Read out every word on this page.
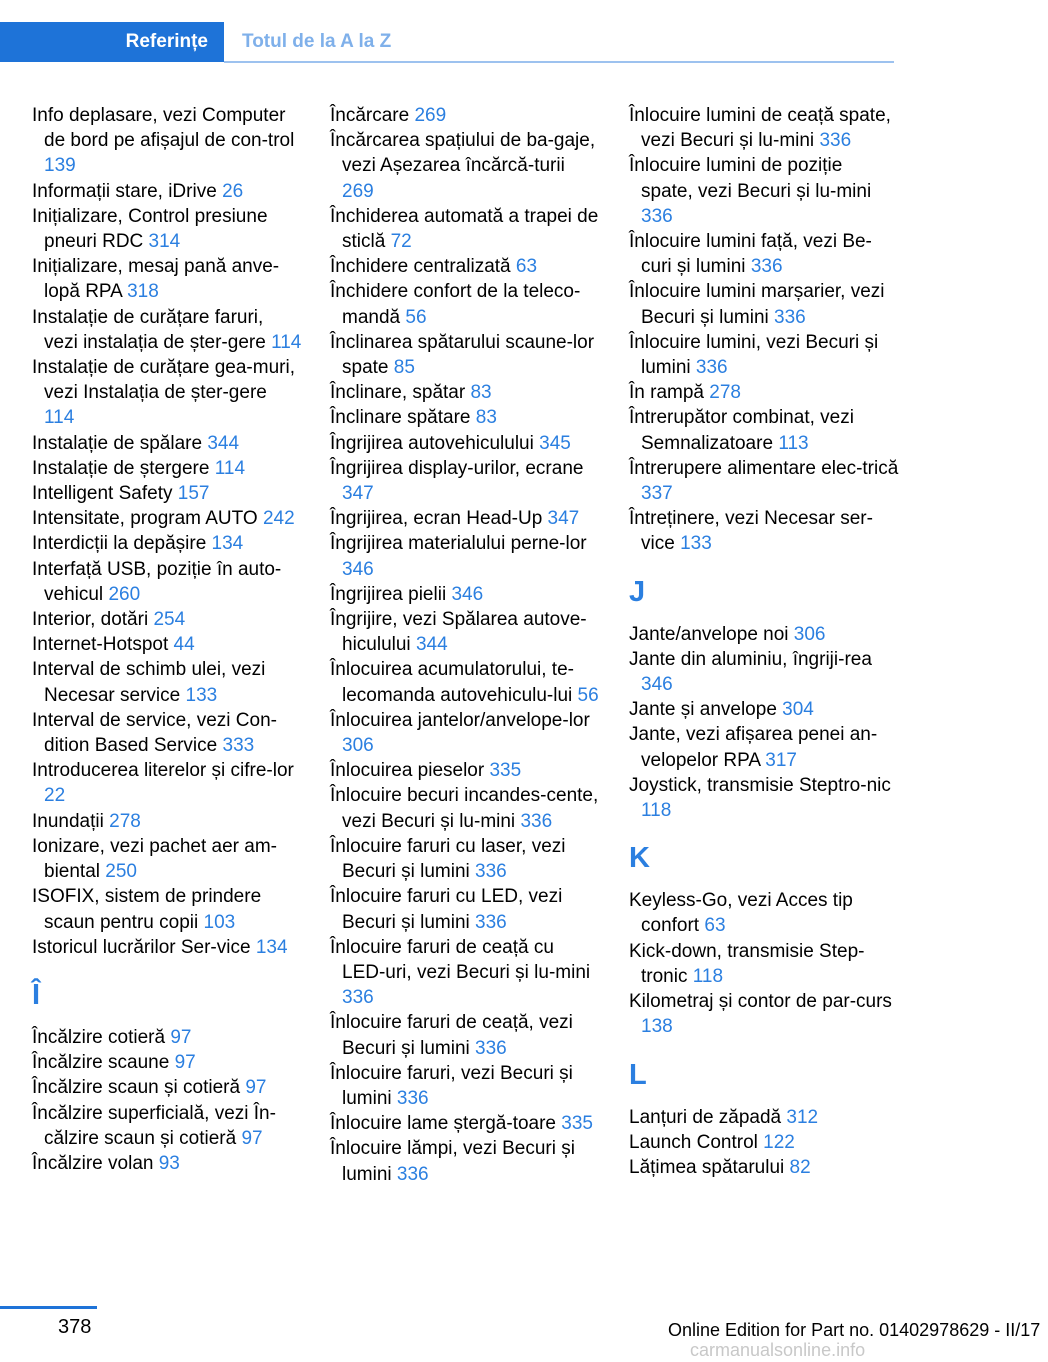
Referințe	Totul de la A la Z
Info deplasare, vezi Computer de bord pe afișajul de con-trol 139
Informații stare, iDrive 26
Inițializare, Control presiune pneuri RDC 314
Inițializare, mesaj pană anve-lopă RPA 318
Instalație de curățare faruri, vezi instalația de șter-gere 114
Instalație de curățare gea-muri, vezi Instalația de șter-gere 114
Instalație de spălare 344
Instalație de ștergere 114
Intelligent Safety 157
Intensitate, program AUTO 242
Interdicții la depășire 134
Interfață USB, poziție în auto-vehicul 260
Interior, dotări 254
Internet-Hotspot 44
Interval de schimb ulei, vezi Necesar service 133
Interval de service, vezi Con-dition Based Service 333
Introducerea literelor și cifre-lor 22
Inundații 278
Ionizare, vezi pachet aer am-biental 250
ISOFIX, sistem de prindere scaun pentru copii 103
Istoricul lucrărilor Ser-vice 134
Î
Încălzire cotieră 97
Încălzire scaune 97
Încălzire scaun și cotieră 97
Încălzire superficială, vezi În-călzire scaun și cotieră 97
Încălzire volan 93
Încărcare 269
Încărcarea spațiului de ba-gaje, vezi Așezarea încărcă-turii 269
Închiderea automată a trapei de sticlă 72
Închidere centralizată 63
Închidere confort de la teleco-mandă 56
Înclinarea spătarului scaune-lor spate 85
Înclinare, spătar 83
Înclinare spătare 83
Îngrijirea autovehiculului 345
Îngrijirea display-urilor, ecrane 347
Îngrijirea, ecran Head-Up 347
Îngrijirea materialului perne-lor 346
Îngrijirea pielii 346
Îngrijire, vezi Spălarea autove-hiculului 344
Înlocuirea acumulatorului, te-lecomanda autovehiculu-lui 56
Înlocuirea jantelor/anvelope-lor 306
Înlocuirea pieselor 335
Înlocuire becuri incandes-cente, vezi Becuri și lu-mini 336
Înlocuire faruri cu laser, vezi Becuri și lumini 336
Înlocuire faruri cu LED, vezi Becuri și lumini 336
Înlocuire faruri de ceață cu LED-uri, vezi Becuri și lu-mini 336
Înlocuire faruri de ceață, vezi Becuri și lumini 336
Înlocuire faruri, vezi Becuri și lumini 336
Înlocuire lame ștergă-toare 335
Înlocuire lămpi, vezi Becuri și lumini 336
Înlocuire lumini de ceață spate, vezi Becuri și lu-mini 336
Înlocuire lumini de poziție spate, vezi Becuri și lu-mini 336
Înlocuire lumini față, vezi Be-curi și lumini 336
Înlocuire lumini marșarier, vezi Becuri și lumini 336
Înlocuire lumini, vezi Becuri și lumini 336
În rampă 278
Întrerupător combinat, vezi Semnalizatoare 113
Întrerupere alimentare elec-trică 337
Întreținere, vezi Necesar ser-vice 133
J
Jante/anvelope noi 306
Jante din aluminiu, îngriji-rea 346
Jante și anvelope 304
Jante, vezi afișarea penei an-velopelor RPA 317
Joystick, transmisie Steptro-nic 118
K
Keyless-Go, vezi Acces tip confort 63
Kick-down, transmisie Step-tronic 118
Kilometraj și contor de par-curs 138
L
Lanțuri de zăpadă 312
Launch Control 122
Lățimea spătarului 82
378	Online Edition for Part no. 01402978629 - II/17
carmanualsonline.info
